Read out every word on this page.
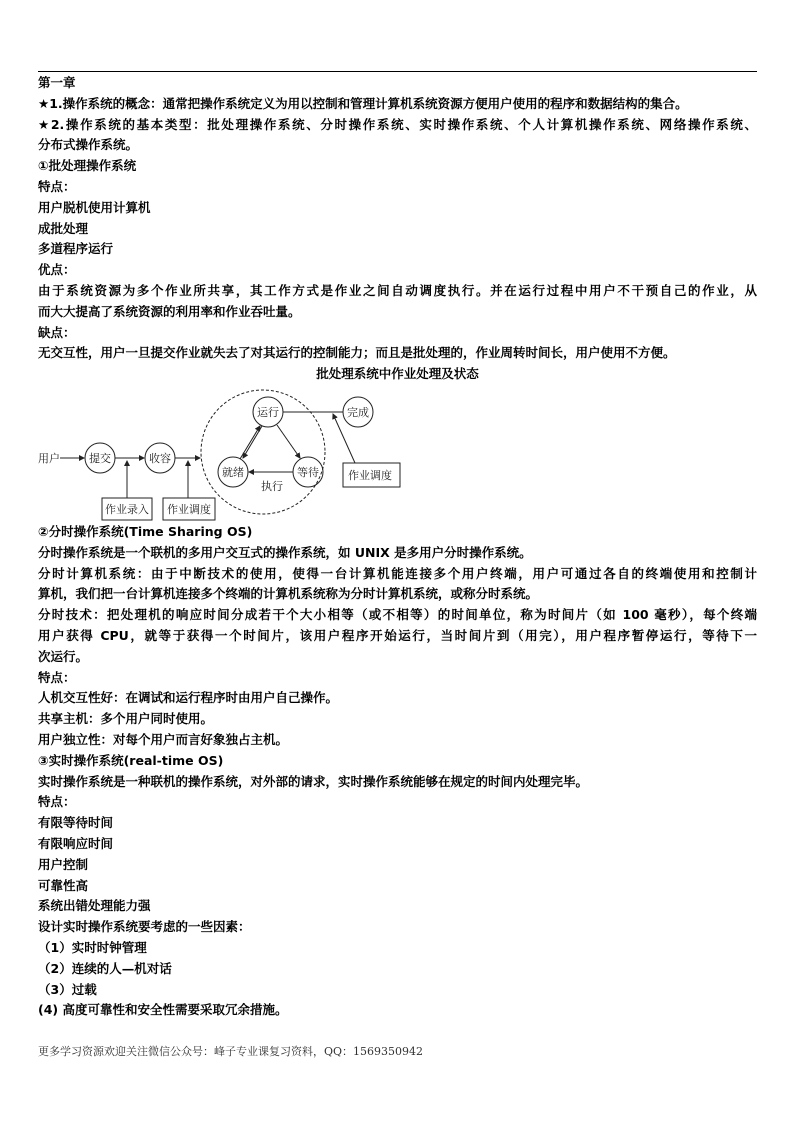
第一章
★1.操作系统的概念：通常把操作系统定义为用以控制和管理计算机系统资源方便用户使用的程序和数据结构的集合。
★2.操作系统的基本类型：批处理操作系统、分时操作系统、实时操作系统、个人计算机操作系统、网络操作系统、
分布式操作系统。
①批处理操作系统
特点：
用户脱机使用计算机
成批处理
多道程序运行
优点：
由于系统资源为多个作业所共享，其工作方式是作业之间自动调度执行。并在运行过程中用户不干预自己的作业，从
而大大提高了系统资源的利用率和作业吞吐量。
缺点：
无交互性，用户一旦提交作业就失去了对其运行的控制能力；而且是批处理的，作业周转时间长，用户使用不方便。
批处理系统中作业处理及状态
用户	提交	收容
运行	完成
就绪	等待
执行
作业录入 作业调度
作业调度
②分时操作系统(Time Sharing OS)
分时操作系统是一个联机的多用户交互式的操作系统，如 UNIX 是多用户分时操作系统。
分时计算机系统：由于中断技术的使用，使得一台计算机能连接多个用户终端，用户可通过各自的终端使用和控制计
算机，我们把一台计算机连接多个终端的计算机系统称为分时计算机系统，或称分时系统。
分时技术：把处理机的响应时间分成若干个大小相等（或不相等）的时间单位，称为时间片（如 100 毫秒），每个终端
用户获得 CPU，就等于获得一个时间片，该用户程序开始运行，当时间片到（用完），用户程序暂停运行，等待下一
次运行。
特点：
人机交互性好：在调试和运行程序时由用户自己操作。
共享主机：多个用户同时使用。
用户独立性：对每个用户而言好象独占主机。
③实时操作系统(real-time OS)
实时操作系统是一种联机的操作系统，对外部的请求，实时操作系统能够在规定的时间内处理完毕。
特点：
有限等待时间
有限响应时间
用户控制
可靠性高
系统出错处理能力强
设计实时操作系统要考虑的一些因素：
（1）实时时钟管理
（2）连续的人—机对话
（3）过载
(4) 高度可靠性和安全性需要采取冗余措施。
更多学习资源欢迎关注微信公众号：峰子专业课复习资料，QQ：1569350942
